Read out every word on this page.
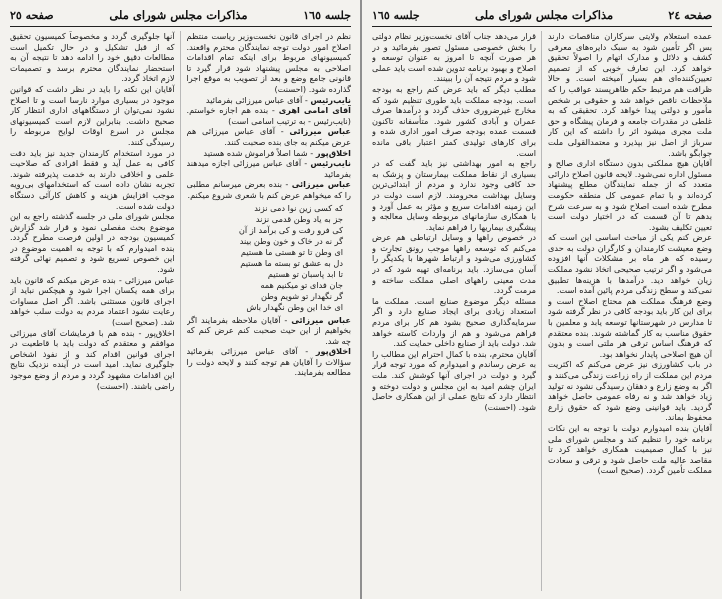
صفحه ٢٤
مذاکرات مجلس شورای ملی
جلسه ١٦٥

عمده استعلام ولایتی سرکاران مناقصات دارند بس اگر تأمین شود به سبک دایره‌های معرفی کشف و دلائل و مدارک اتهام را اصولاً تحقیق خواهد کرد. این تعارف خوبی که از تصمیم تعیین‌کننده‌ای هم بسیار آمیخته است. و حالا ظرافت هم مرتبط حکم ظاهرپسند عواقب را که ملاحظات ناقص خواهد شد و حقوقی بر شخص مأمور و دولتی پیدا خواهد کرد. تحقیقی که به غلطی در مقدرات جامعه و فرمان پیشگاه و حق ملت مجری میشود اثر را داشته که این کار سرباز از اصل نیز بپذیرد و معتمدالقولی ملت جوابگو باشد.

آقایان هیچ مملکتی بدون دستگاه اداری صالح و مسئول اداره نمی‌شود. لایحه قانون اصلاح دارائی متعدد که از جمله نمایندگان مطلع پیشنهاد کرده‌اند و با تمام عمومی کل منطقه حکومت مطرح شده است اصلاح شود و به سرعت شرح بدهم تا آن قسمت که در اختیار دولت است تعیین تکلیف بشود.

عرض کنم یکی از مباحث اساسی این است که وضع معیشت کارمندان و کارگران دولت به حدی رسیده که هر ماه بر مشکلات آنها افزوده می‌شود و اگر ترتیب صحیحی اتخاذ نشود مملکت زیان خواهد دید. درآمدها با هزینه‌ها تطبیق نمی‌کند و سطح زندگی مردم پائین آمده است.

وضع فرهنگ مملکت هم محتاج اصلاح است و برای این کار باید بودجه کافی در نظر گرفته شود تا مدارس در شهرستانها توسعه یابد و معلمین با حقوق مناسب به کار گماشته شوند. بنده معتقدم که فرهنگ اساس ترقی هر ملتی است و بدون آن هیچ اصلاحی پایدار نخواهد بود.

در باب کشاورزی نیز عرض می‌کنم که اکثریت مردم این مملکت از راه زراعت زندگی می‌کنند و اگر به وضع زارع و دهقان رسیدگی نشود نه تولید زیاد خواهد شد و نه رفاه عمومی حاصل خواهد گردید. باید قوانینی وضع شود که حقوق زارع محفوظ بماند.

آقایان بنده امیدوارم دولت با توجه به این نکات برنامه خود را تنظیم کند و مجلس شورای ملی نیز با کمال صمیمیت همکاری خواهد کرد تا مقاصد عالیه ملت حاصل شود و ترقی و سعادت مملکت تأمین گردد. (صحیح است)

قرار می‌دهد جناب آقای نخست‌وزیر نظام دولتی را بخش خصوصی مسئول تصور بفرمائید و در هر صورت آنچه تا امروز به عنوان توسعه و اصلاح و بهبود برنامه تدوین شده است باید عملی شود و مردم نتیجه آن را ببینند.

مطلب دیگر که باید عرض کنم راجع به بودجه است. بودجه مملکت باید طوری تنظیم شود که مخارج غیرضروری حذف گردد و درآمدها صرف عمران و آبادی کشور شود. متأسفانه تاکنون قسمت عمده بودجه صرف امور اداری شده و برای کارهای تولیدی کمتر اعتبار باقی مانده است.

راجع به امور بهداشتی نیز باید گفت که در بسیاری از نقاط مملکت بیمارستان و پزشک به حد کافی وجود ندارد و مردم از ابتدائی‌ترین وسایل بهداشت محرومند. لازم است دولت در این زمینه اقدامات سریع و مؤثر به عمل آورد و با همکاری سازمانهای مربوطه وسایل معالجه و پیشگیری بیماریها را فراهم نماید.

در خصوص راهها و وسایل ارتباطی هم عرض می‌کنم که توسعه راهها موجب رونق تجارت و کشاورزی می‌شود و ارتباط شهرها با یکدیگر را آسان می‌سازد. باید برنامه‌ای تهیه شود که در مدت معینی راههای اصلی مملکت ساخته و مرمت گردد.

مسئله دیگر موضوع صنایع است. مملکت ما استعداد زیادی برای ایجاد صنایع دارد و اگر سرمایه‌گذاری صحیح بشود هم کار برای مردم فراهم می‌شود و هم از واردات کاسته خواهد شد. دولت باید از صنایع داخلی حمایت کند.

آقایان محترم، بنده با کمال احترام این مطالب را به عرض رساندم و امیدوارم که مورد توجه قرار گیرد و دولت در اجرای آنها کوشش کند. ملت ایران چشم امید به این مجلس و دولت دوخته و انتظار دارد که نتایج عملی از این همکاری حاصل شود. (احسنت)

جلسه ١٦٥
مذاکرات مجلس شورای ملی
صفحه ٢٥

نظم در اجرای قانون نخست‌وزیر ریاست منتظم اصلاح امور دولت توجه نمایندگان محترم واقعند. کمیسیونهای مربوط برای اینکه تمام اقدامات اصلاحی به مجلس پیشنهاد شود قرار گیرد تا قانونی جامع وضع و بعد از تصویب به موقع اجرا گذارده شود. (احسنت)

نایب‌رئیس - آقای عباس میرزائی بفرمائید

آقای امامی اهری - بنده هم اجازه خواستم. (نایب‌رئیس - به ترتیب اسامی است)

عباس میرزائی - آقای عباس میرزائی هم عرض میکنم به جای بنده صحبت کنند.

اخلاق‌پور - شما اصلاً فراموش شده هستید

نایب‌رئیس - آقای عباس میرزائی اجازه میدهند بفرمائید

عباس میرزائی - بنده بعرض میرسانم مطلبی را که میخواهم عرض کنم با شعری شروع میکنم.

که کسی زین نوا دمی نزند
جز به یاد وطن قدمی نزند
کی فرو رفت و کی برآمد از آن
گر نه در خاک و خون وطن بیند
ای وطن تا تو هستی ما هستیم
دل به عشق تو بسته ما هستیم
تا ابد پاسبان تو هستیم
جان فدای تو میکنیم همه
گر نگهدار تو شویم وطن
ای خدا این وطن نگهدار باش

عباس میرزائی - آقایان ملاحظه بفرمایند اگر بخواهیم از این حیث صحبت کنم عرض کنم که چه شد.

اخلاق‌پور - آقای عباس میرزائی بفرمائید سؤالات را آقایان هم توجه کنند و لایحه دولت را مطالعه بفرمایند.

آنها جلوگیری گردد و مخصوصاً کمیسیون تحقیق که از قبل تشکیل و در حال تکمیل است مطالعات دقیق خود را ادامه دهد تا نتیجه آن به استحضار نمایندگان محترم برسد و تصمیمات لازم اتخاذ گردد.

آقایان این نکته را باید در نظر داشت که قوانین موجود در بسیاری موارد نارسا است و تا اصلاح نشود نمی‌توان از دستگاههای اداری انتظار کار صحیح داشت. بنابراین لازم است کمیسیونهای مجلس در اسرع اوقات لوایح مربوطه را رسیدگی کنند.

در مورد استخدام کارمندان جدید نیز باید دقت کافی به عمل آید و فقط افرادی که صلاحیت علمی و اخلاقی دارند به خدمت پذیرفته شوند. تجربه نشان داده است که استخدامهای بی‌رویه موجب افزایش هزینه و کاهش کارآئی دستگاه دولت شده است.

مجلس شورای ملی در جلسه گذشته راجع به این موضوع بحث مفصلی نمود و قرار شد گزارش کمیسیون بودجه در اولین فرصت مطرح گردد. بنده امیدوارم که با توجه به اهمیت موضوع در این خصوص تسریع شود و تصمیم نهائی گرفته شود.

عباس میرزائی - بنده عرض میکنم که قانون باید برای همه یکسان اجرا شود و هیچکس نباید از اجرای قانون مستثنی باشد. اگر اصل مساوات رعایت نشود اعتماد مردم به دولت سلب خواهد شد. (صحیح است)

اخلاق‌پور - بنده هم با فرمایشات آقای میرزائی موافقم و معتقدم که دولت باید با قاطعیت در اجرای قوانین اقدام کند و از نفوذ اشخاص جلوگیری نماید. امید است در آینده نزدیک نتایج این اقدامات مشهود گردد و مردم از وضع موجود راضی باشند. (احسنت)
